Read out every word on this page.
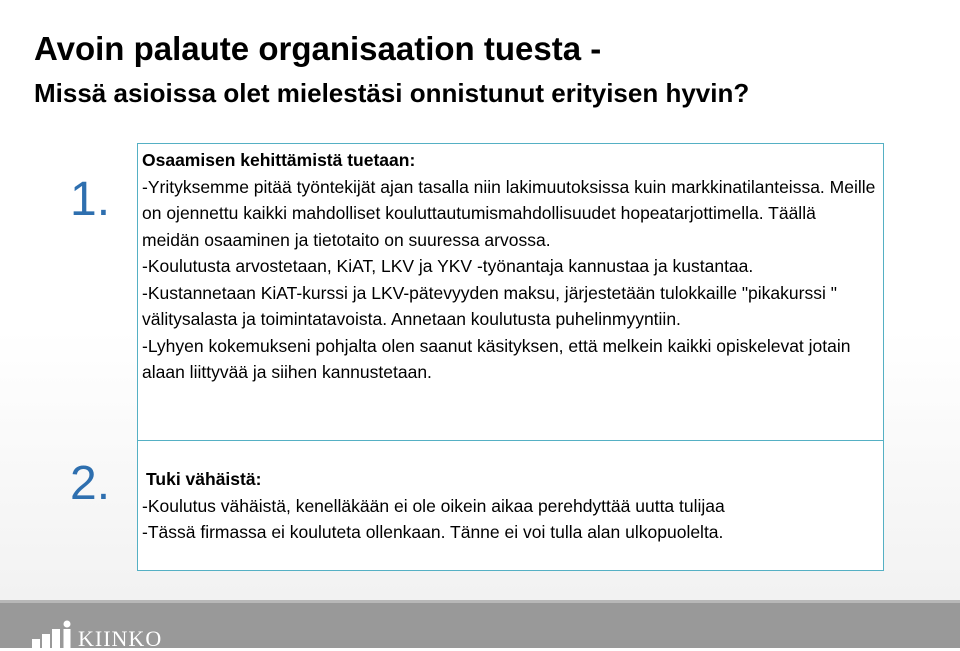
Avoin palaute organisaation tuesta -
Missä asioissa olet mielestäsi onnistunut erityisen hyvin?
1.
2.
Osaamisen kehittämistä tuetaan:
-Yrityksemme pitää työntekijät ajan tasalla niin lakimuutoksissa kuin markkinatilanteissa. Meille on ojennettu kaikki mahdolliset kouluttautumismahdollisuudet hopeatarjottimella. Täällä meidän osaaminen ja tietotaito on suuressa arvossa.
-Koulutusta arvostetaan, KiAT, LKV ja YKV -työnantaja kannustaa ja kustantaa.
-Kustannetaan KiAT-kurssi ja LKV-pätevyyden maksu, järjestetään tulokkaille "pikakurssi " välitysalasta ja toimintatavoista. Annetaan koulutusta puhelinmyyntiin.
-Lyhyen kokemukseni pohjalta olen saanut käsityksen, että melkein kaikki opiskelevat jotain alaan liittyvää ja siihen kannustetaan.
Tuki vähäistä:
-Koulutus vähäistä, kenelläkään ei ole oikein aikaa perehdyttää uutta tulijaa
-Tässä firmassa ei kouluteta ollenkaan. Tänne ei voi tulla alan ulkopuolelta.
KIINKO
